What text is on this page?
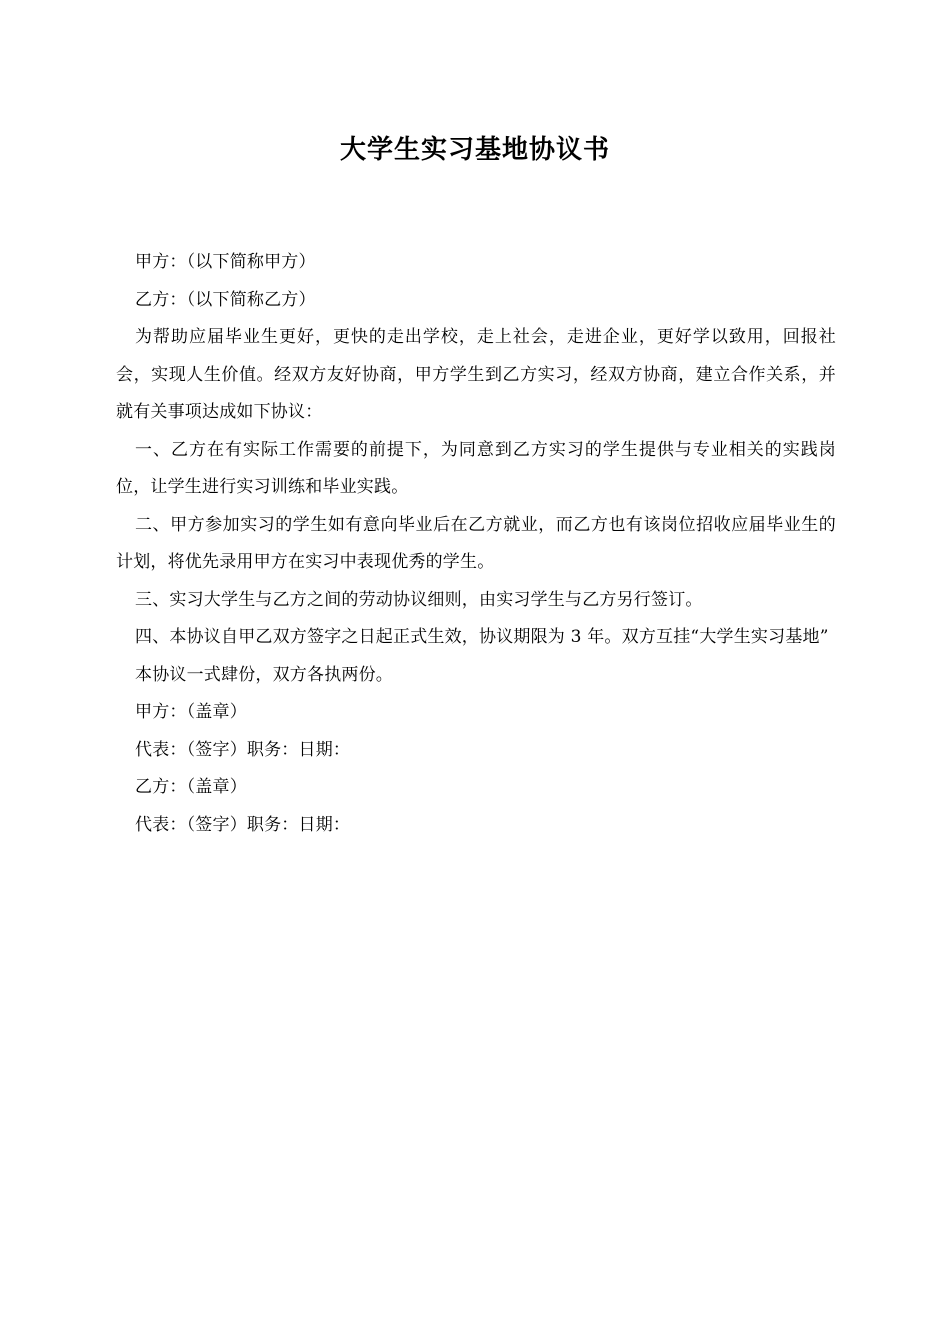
大学生实习基地协议书

甲方：（以下简称甲方）

乙方：（以下简称乙方）

为帮助应届毕业生更好，更快的走出学校，走上社会，走进企业，更好学以致用，回报社会，实现人生价值。经双方友好协商，甲方学生到乙方实习，经双方协商，建立合作关系，并就有关事项达成如下协议：

一、乙方在有实际工作需要的前提下，为同意到乙方实习的学生提供与专业相关的实践岗位，让学生进行实习训练和毕业实践。

二、甲方参加实习的学生如有意向毕业后在乙方就业，而乙方也有该岗位招收应届毕业生的计划，将优先录用甲方在实习中表现优秀的学生。

三、实习大学生与乙方之间的劳动协议细则，由实习学生与乙方另行签订。

四、本协议自甲乙双方签字之日起正式生效，协议期限为 3 年。双方互挂“大学生实习基地”

本协议一式肆份，双方各执两份。

甲方：（盖章）

代表：（签字）职务：日期：

乙方：（盖章）

代表：（签字）职务：日期：
